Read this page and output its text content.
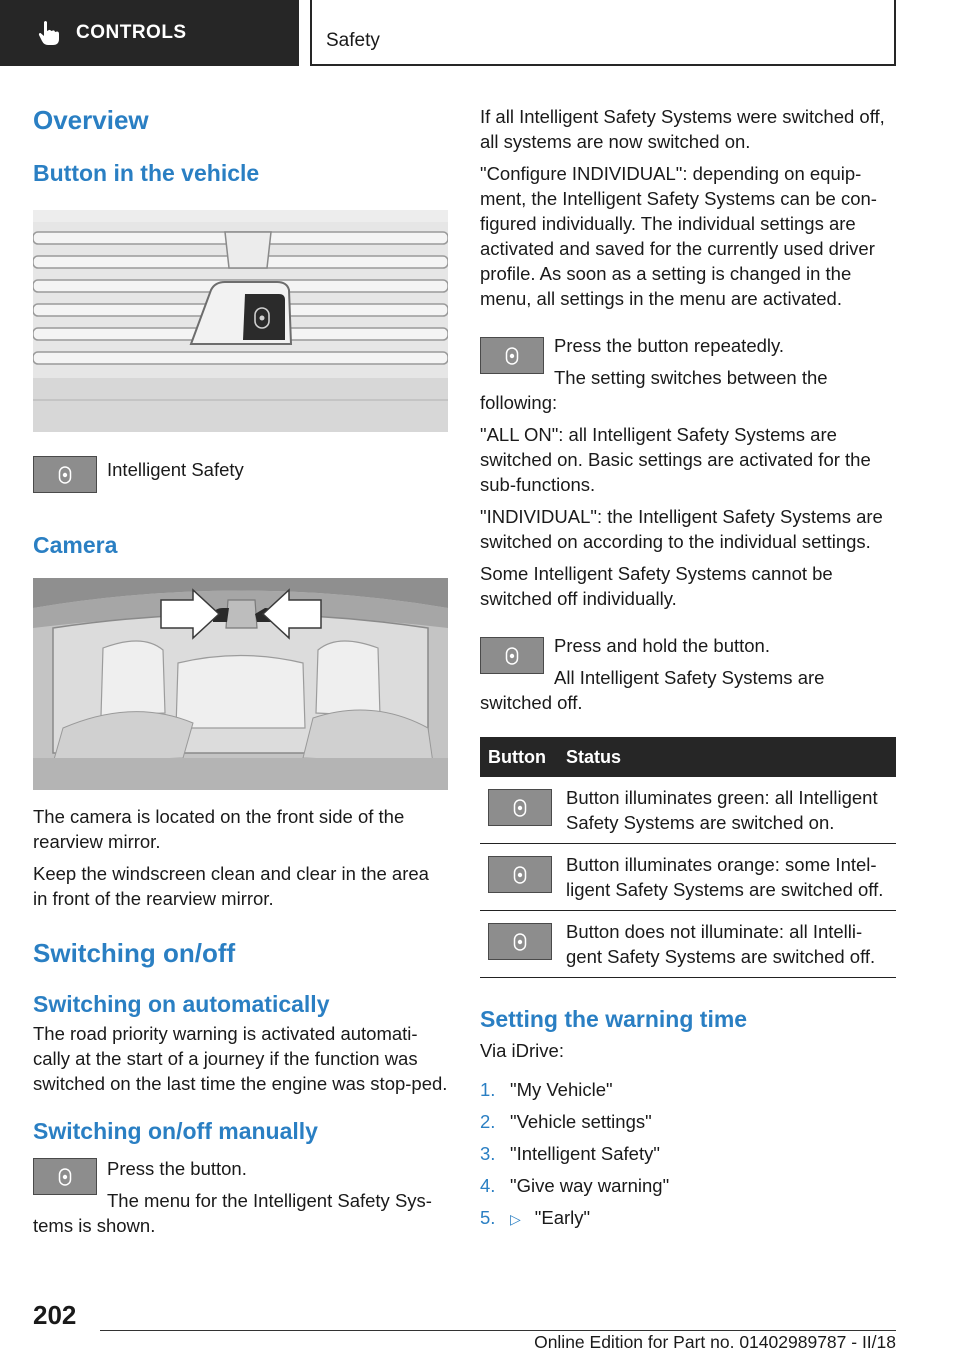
CONTROLS	Safety
Overview
Button in the vehicle

Intelligent Safety

Camera

The camera is located on the front side of the rearview mirror.

Keep the windscreen clean and clear in the area in front of the rearview mirror.

Switching on/off
Switching on automatically

The road priority warning is activated automati-cally at the start of a journey if the function was switched on the last time the engine was stop-ped.

Switching on/off manually

Press the button.

The menu for the Intelligent Safety Sys-tems is shown.

If all Intelligent Safety Systems were switched off, all systems are now switched on.

"Configure INDIVIDUAL": depending on equip-ment, the Intelligent Safety Systems can be con-figured individually. The individual settings are activated and saved for the currently used driver profile. As soon as a setting is changed in the menu, all settings in the menu are activated.

Press the button repeatedly.

The setting switches between the following:

"ALL ON": all Intelligent Safety Systems are switched on. Basic settings are activated for the sub-functions.

"INDIVIDUAL": the Intelligent Safety Systems are switched on according to the individual settings.

Some Intelligent Safety Systems cannot be switched off individually.

Press and hold the button.

All Intelligent Safety Systems are switched off.

Button	Status

	Button illuminates green: all Intelligent Safety Systems are switched on.

	Button illuminates orange: some Intel-ligent Safety Systems are switched off.

	Button does not illuminate: all Intelli-gent Safety Systems are switched off.
Setting the warning time

Via iDrive:

1. "My Vehicle"
2. "Vehicle settings"
3. "Intelligent Safety"
4. "Give way warning"
5. ▷ "Early"
202
Online Edition for Part no. 01402989787 - II/18
